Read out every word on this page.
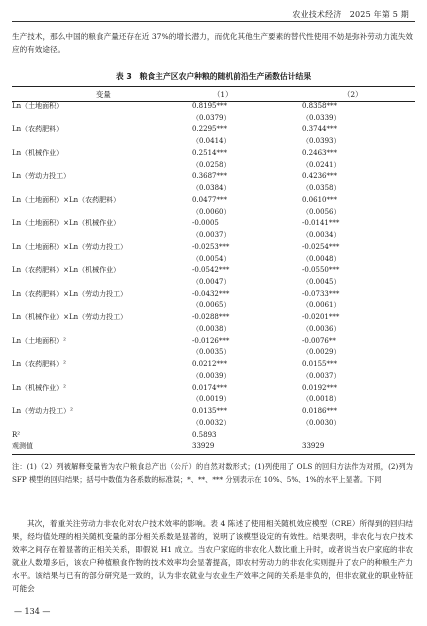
农业技术经济　2025 年第 5 期
生产技术，那么中国的粮食产量还存在近 37%的增长潜力，而优化其他生产要素的替代性使用不妨是弥补劳动力流失效应的有效途径。
表 3　粮食主产区农户种粮的随机前沿生产函数估计结果
变量	（1）	（2）
Ln（土地面积）	0.8195***	0.8358***
	（0.0379）	（0.0339）
Ln（农药肥料）	0.2295***	0.3744***
	（0.0414）	（0.0393）
Ln（机械作业）	0.2514***	0.2463***
	（0.0258）	（0.0241）
Ln（劳动力投工）	0.3687***	0.4236***
	（0.0384）	（0.0358）
Ln（土地面积）×Ln（农药肥料）	0.0477***	0.0610***
	（0.0060）	（0.0056）
Ln（土地面积）×Ln（机械作业）	-0.0005	-0.0141***
	（0.0037）	（0.0034）
Ln（土地面积）×Ln（劳动力投工）	-0.0253***	-0.0254***
	（0.0054）	（0.0048）
Ln（农药肥料）×Ln（机械作业）	-0.0542***	-0.0550***
	（0.0047）	（0.0045）
Ln（农药肥料）×Ln（劳动力投工）	-0.0432***	-0.0733***
	（0.0065）	（0.0061）
Ln（机械作业）×Ln（劳动力投工）	-0.0288***	-0.0201***
	（0.0038）	（0.0036）
Ln（土地面积）²	-0.0126***	-0.0076**
	（0.0035）	（0.0029）
Ln（农药肥料）²	0.0212***	0.0155***
	（0.0039）	（0.0037）
Ln（机械作业）²	0.0174***	0.0192***
	（0.0019）	（0.0018）
Ln（劳动力投工）²	0.0135***	0.0186***
	（0.0032）	（0.0030）
R²	0.5893	
观测值	33929	33929
注：(1)（2）列被解释变量皆为农户粮食总产出（公斤）的自然对数形式；(1)列使用了 OLS 的回归方法作为对照，(2)列为 SFP 模型的回归结果；括号中数值为各系数的标准误；*、**、*** 分别表示在 10%、5%、1%的水平上显著。下同
其次，着重关注劳动力非农化对农户技术效率的影响。表 4 陈述了使用相关随机效应模型（CRE）所得到的回归结果，经均值处理的相关随机变量的部分相关系数是显著的，说明了该模型设定的有效性。结果表明，非农化与农户技术效率之间存在着显著的正相关关系，即假说 H1 成立。当农户家庭的非农化人数比重上升时，或者说当农户家庭的非农就业人数增多后，该农户种植粮食作物的技术效率均会显著提高，即农村劳动力的非农化实则提升了农户的种粮生产力水平。该结果与已有的部分研究是一致的，认为非农就业与农业生产效率之间的关系是非负的，但非农就业的职业特征可能会
— 134 —
